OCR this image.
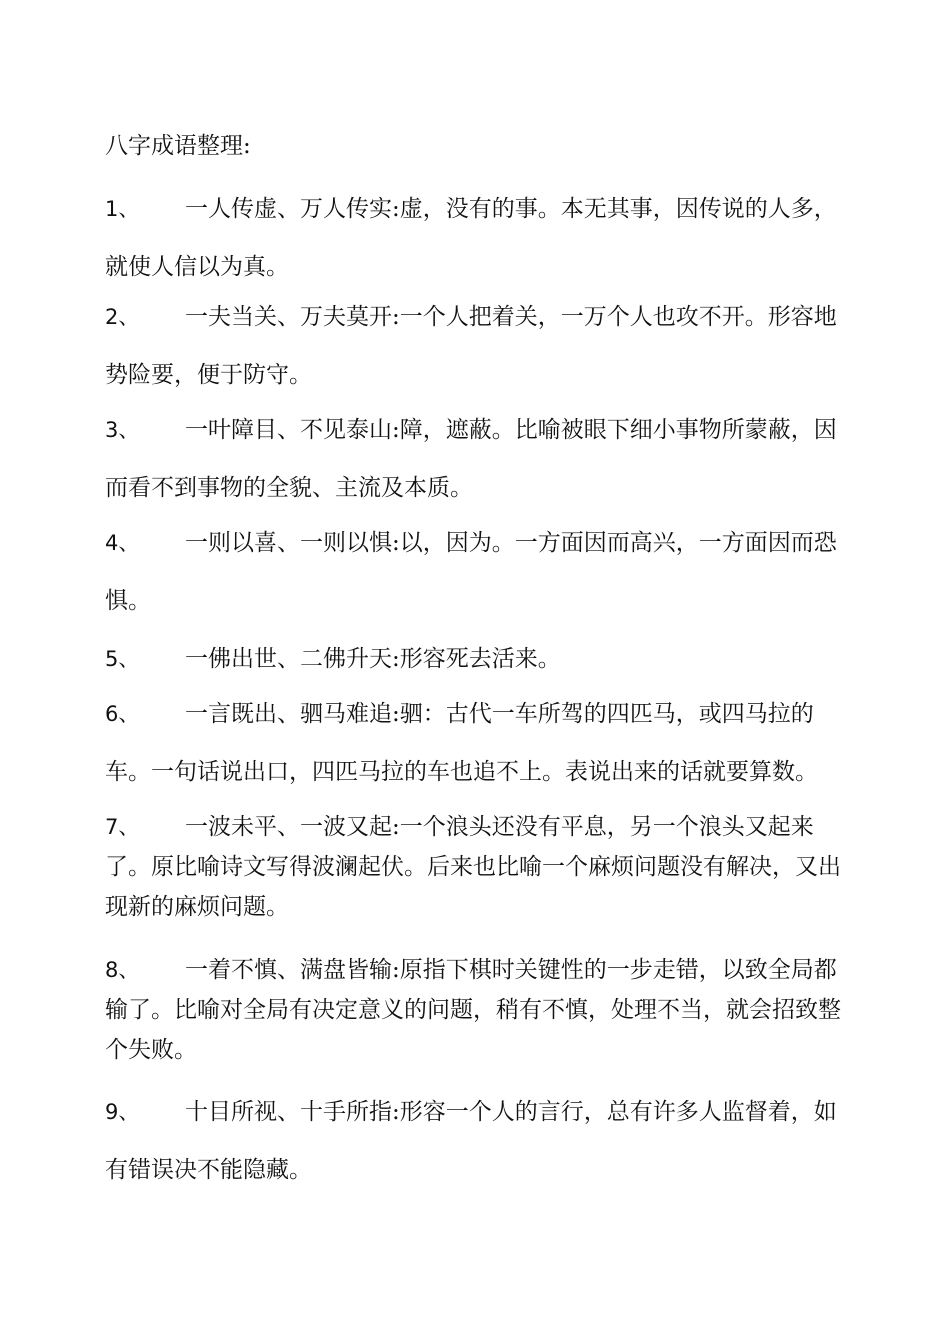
八字成语整理:
1、 一人传虚、万人传实:虚，没有的事。本无其事，因传说的人多，就使人信以为真。
2、 一夫当关、万夫莫开:一个人把着关，一万个人也攻不开。形容地势险要，便于防守。
3、 一叶障目、不见泰山:障，遮蔽。比喻被眼下细小事物所蒙蔽，因而看不到事物的全貌、主流及本质。
4、 一则以喜、一则以惧:以，因为。一方面因而高兴，一方面因而恐惧。
5、 一佛出世、二佛升天:形容死去活来。
6、 一言既出、驷马难追:驷：古代一车所驾的四匹马，或四马拉的车。一句话说出口，四匹马拉的车也追不上。表说出来的话就要算数。
7、 一波未平、一波又起:一个浪头还没有平息，另一个浪头又起来了。原比喻诗文写得波澜起伏。后来也比喻一个麻烦问题没有解决，又出现新的麻烦问题。
8、 一着不慎、满盘皆输:原指下棋时关键性的一步走错，以致全局都输了。比喻对全局有决定意义的问题，稍有不慎，处理不当，就会招致整个失败。
9、 十目所视、十手所指:形容一个人的言行，总有许多人监督着，如有错误决不能隐藏。
